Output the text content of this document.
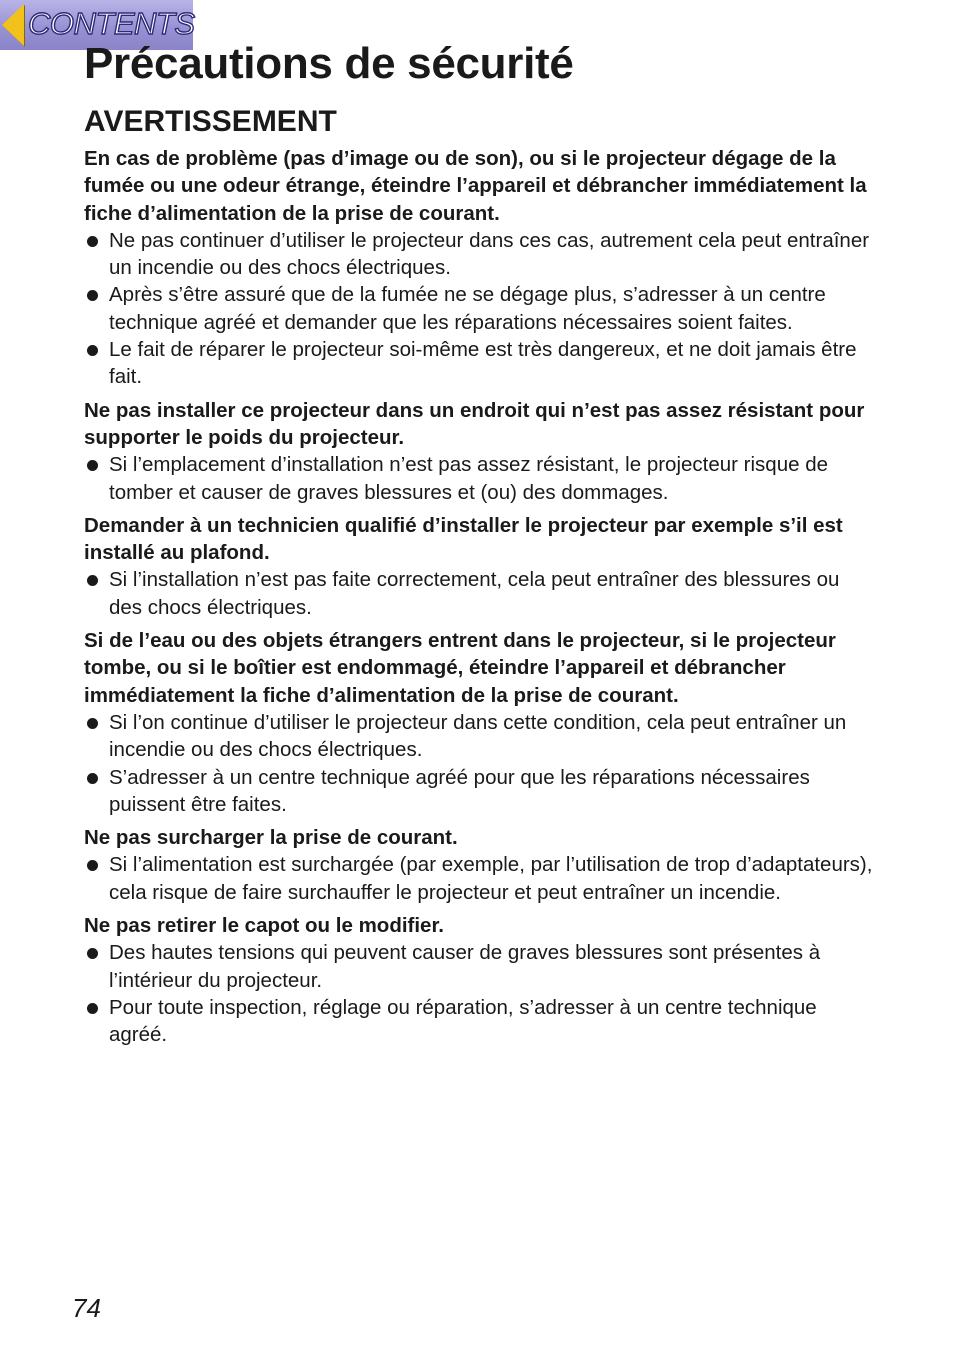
CONTENTS
Précautions de sécurité
AVERTISSEMENT

En cas de problème (pas d’image ou de son), ou si le projecteur dégage de la fumée ou une odeur étrange, éteindre l’appareil et débrancher immédiatement la fiche d’alimentation de la prise de courant.

Ne pas continuer d’utiliser le projecteur dans ces cas, autrement cela peut entraîner un incendie ou des chocs électriques.
Après s’être assuré que de la fumée ne se dégage plus, s’adresser à un centre technique agréé et demander que les réparations nécessaires soient faites.
Le fait de réparer le projecteur soi-même est très dangereux, et ne doit jamais être fait.

Ne pas installer ce projecteur dans un endroit qui n’est pas assez résistant pour supporter le poids du projecteur.

Si l’emplacement d’installation n’est pas assez résistant, le projecteur risque de tomber et causer de graves blessures et (ou) des dommages.

Demander à un technicien qualifié d’installer le projecteur par exemple s’il est installé au plafond.

Si l’installation n’est pas faite correctement, cela peut entraîner des blessures ou des chocs électriques.

Si de l’eau ou des objets étrangers entrent dans le projecteur, si le projecteur tombe, ou si le boîtier est endommagé, éteindre l’appareil et débrancher immédiatement la fiche d’alimentation de la prise de courant.

Si l’on continue d’utiliser le projecteur dans cette condition, cela peut entraîner un incendie ou des chocs électriques.
S’adresser à un centre technique agréé pour que les réparations nécessaires puissent être faites.

Ne pas surcharger la prise de courant.

Si l’alimentation est surchargée (par exemple, par l’utilisation de trop d’adaptateurs), cela risque de faire surchauffer le projecteur et peut entraîner un incendie.

Ne pas retirer le capot ou le modifier.

Des hautes tensions qui peuvent causer de graves blessures sont présentes à l’intérieur du projecteur.
Pour toute inspection, réglage ou réparation, s’adresser à un centre technique agréé.
74
